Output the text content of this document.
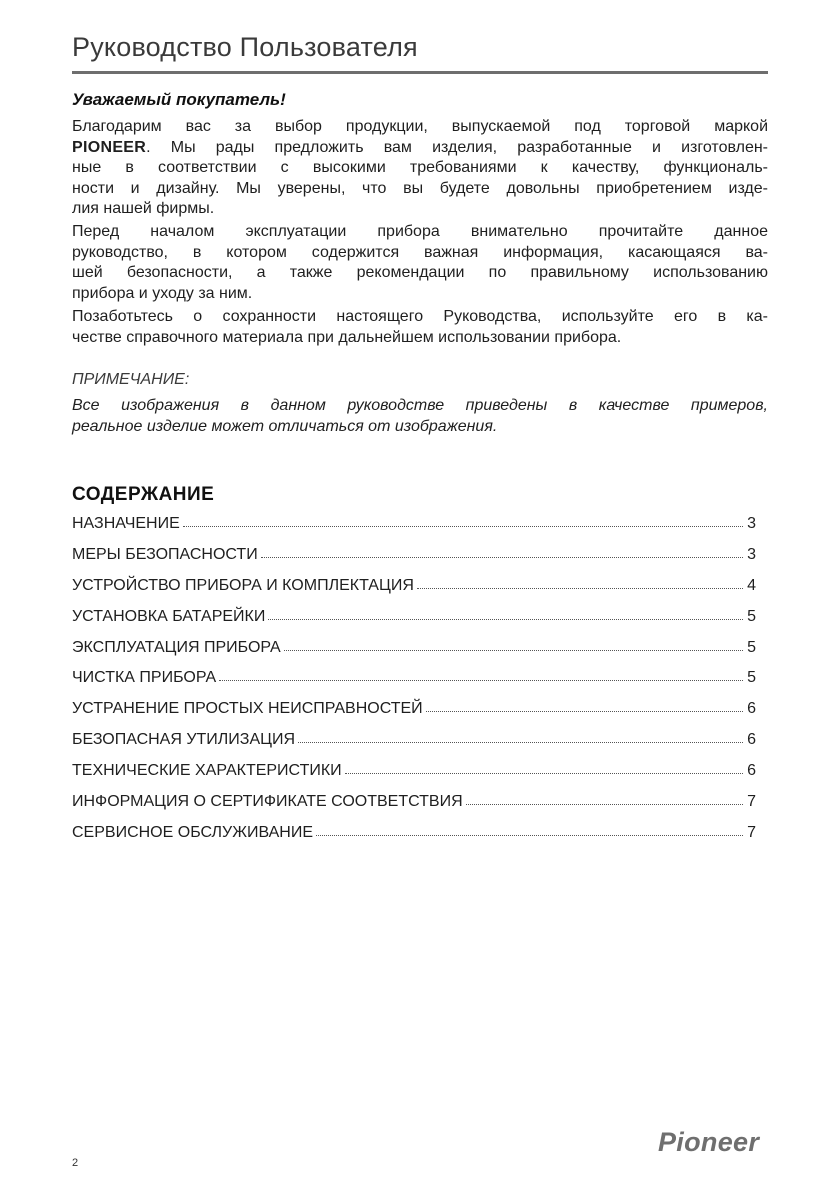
Руководство Пользователя
Уважаемый покупатель!
Благодарим вас за выбор продукции, выпускаемой под торговой маркой
PIONEER. Мы рады предложить вам изделия, разработанные и изготовлен-
ные в соответствии с высокими требованиями к качеству, функциональ-
ности и дизайну. Мы уверены, что вы будете довольны приобретением изде-
лия нашей фирмы.
Перед началом эксплуатации прибора внимательно прочитайте данное
руководство, в котором содержится важная информация, касающаяся ва-
шей безопасности, а также рекомендации по правильному использованию
прибора и уходу за ним.
Позаботьтесь о сохранности настоящего Руководства, используйте его в ка-
честве справочного материала при дальнейшем использовании прибора.
ПРИМЕЧАНИЕ:
Все изображения в данном руководстве приведены в качестве примеров,
реальное изделие может отличаться от изображения.
СОДЕРЖАНИЕ
НАЗНАЧЕНИЕ	3
МЕРЫ БЕЗОПАСНОСТИ	3
УСТРОЙСТВО ПРИБОРА И КОМПЛЕКТАЦИЯ	4
УСТАНОВКА БАТАРЕЙКИ	5
ЭКСПЛУАТАЦИЯ ПРИБОРА	5
ЧИСТКА ПРИБОРА	5
УСТРАНЕНИЕ ПРОСТЫХ НЕИСПРАВНОСТЕЙ	6
БЕЗОПАСНАЯ УТИЛИЗАЦИЯ	6
ТЕХНИЧЕСКИЕ ХАРАКТЕРИСТИКИ	6
ИНФОРМАЦИЯ О СЕРТИФИКАТЕ СООТВЕТСТВИЯ	7
СЕРВИСНОЕ ОБСЛУЖИВАНИЕ	7
2
Pioneer
